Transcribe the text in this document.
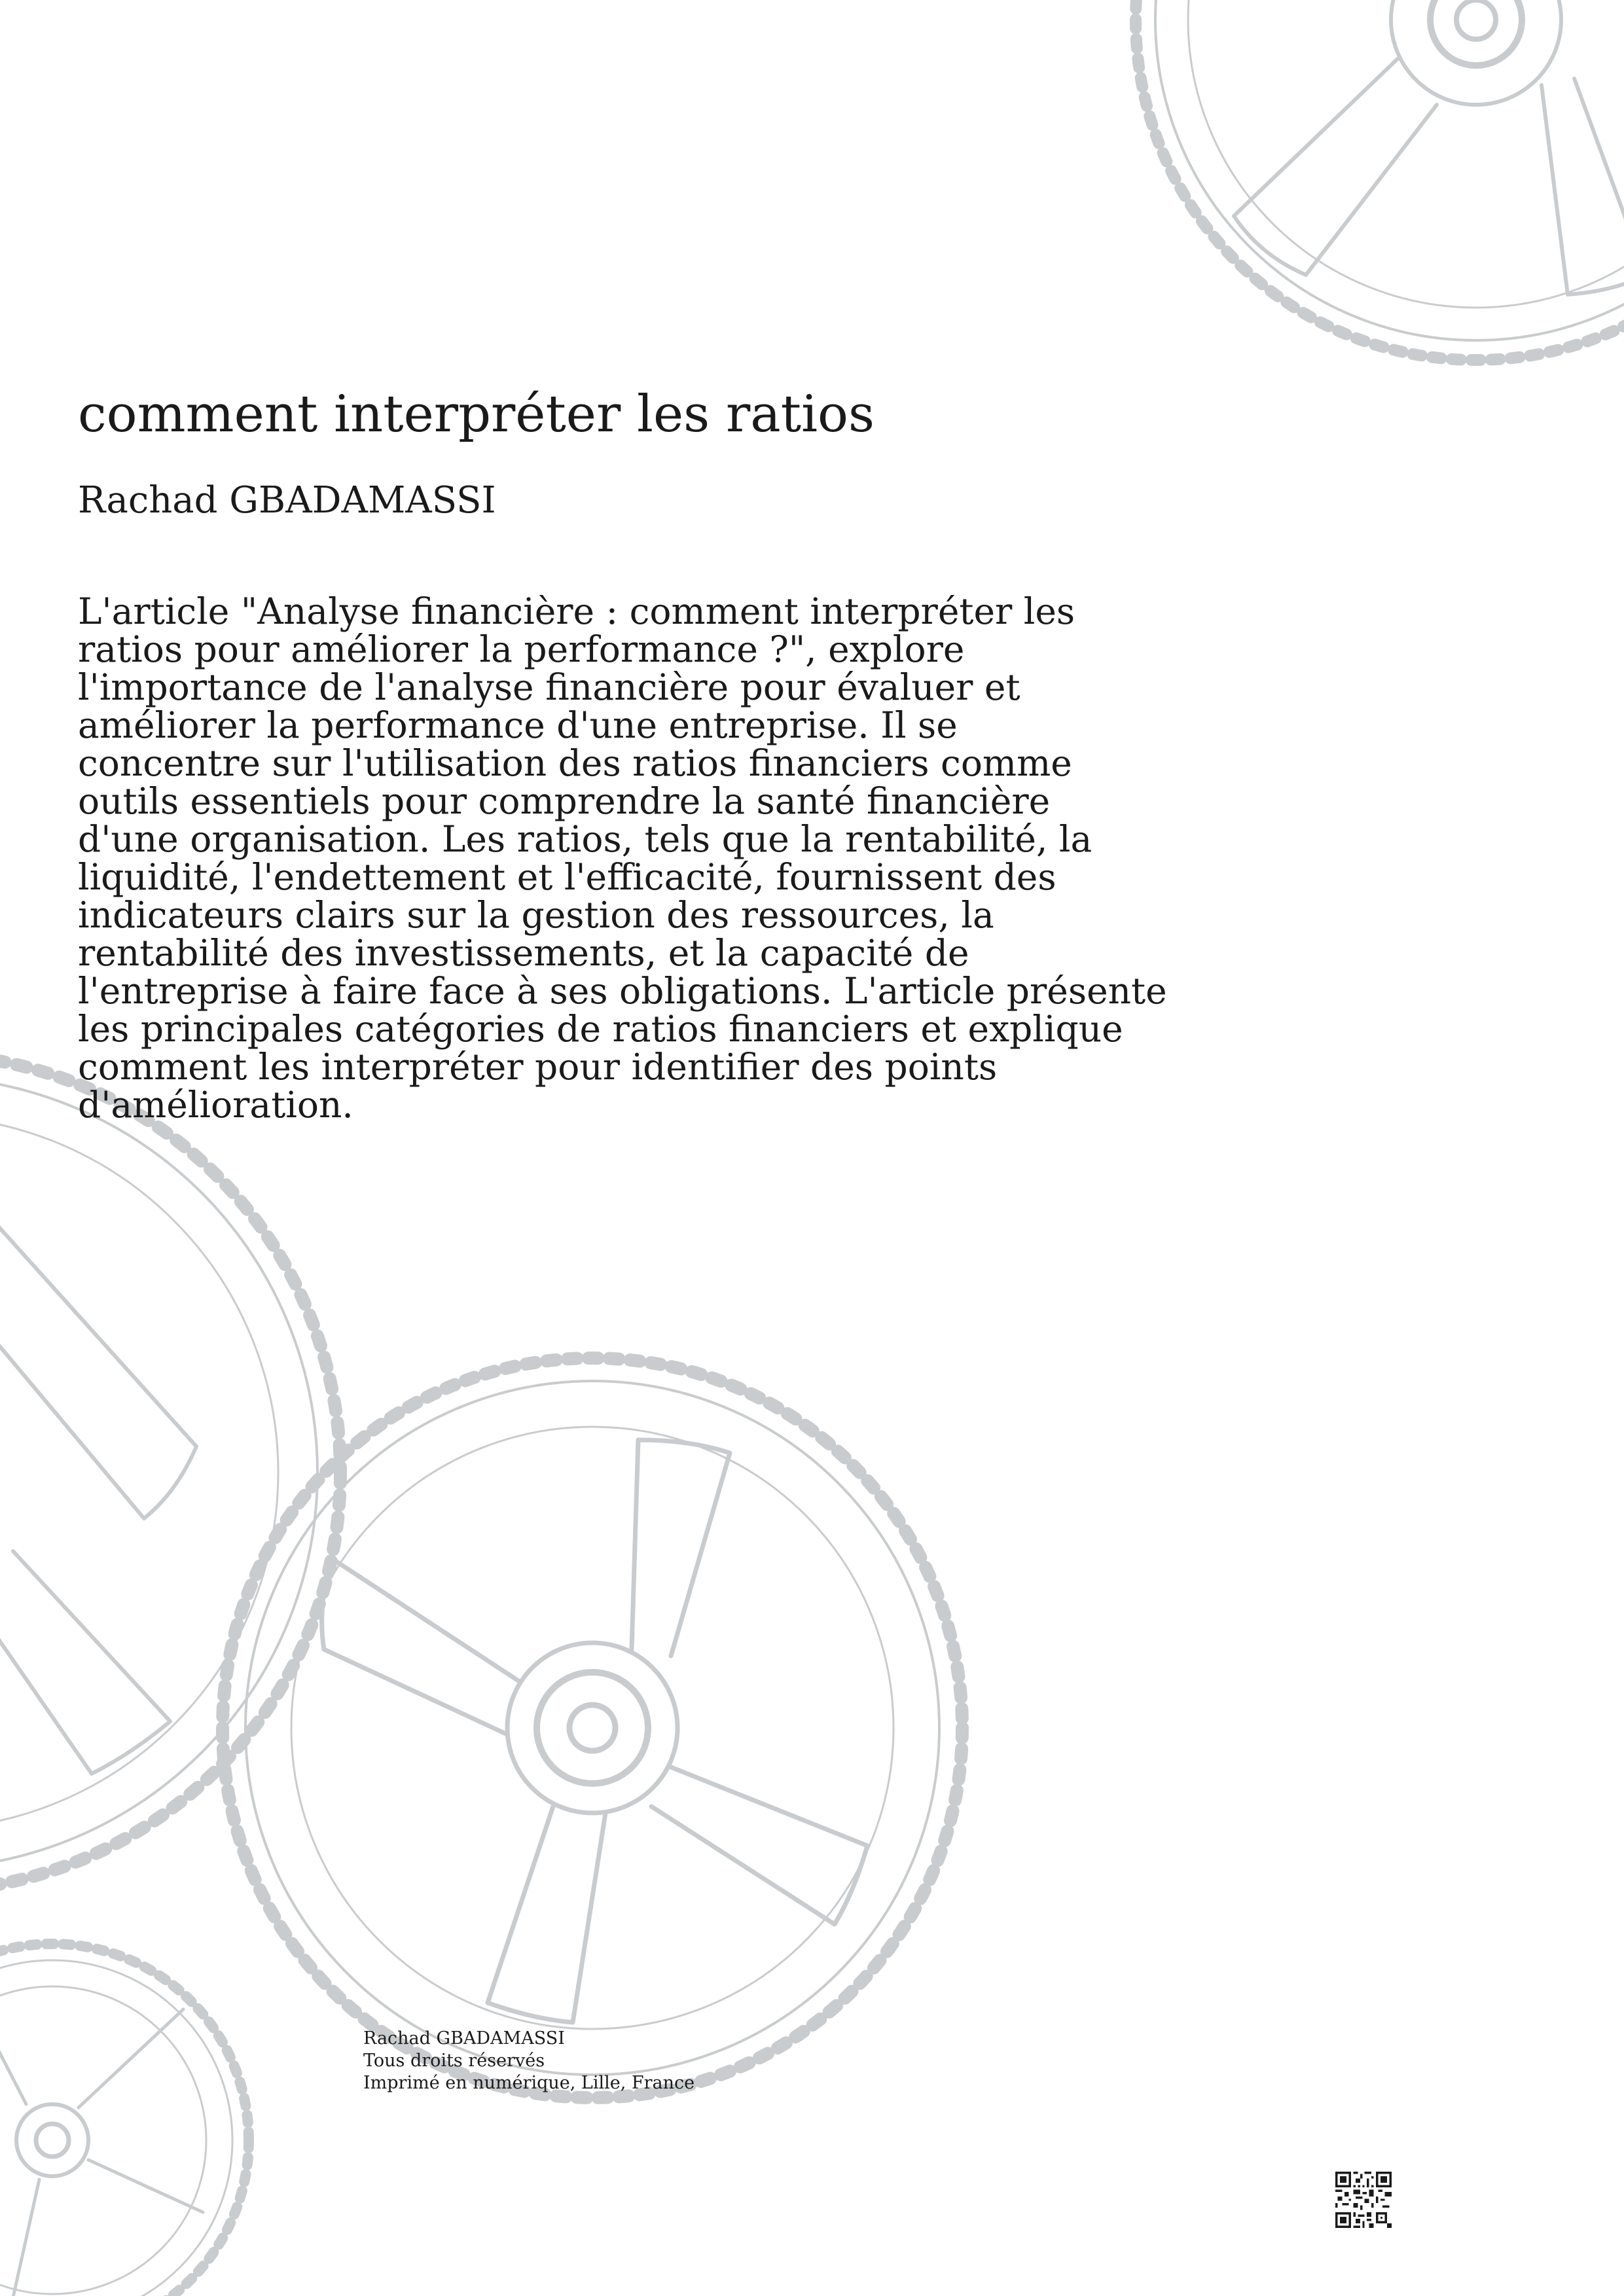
comment interpréter les ratios

Rachad GBADAMASSI

L'article "Analyse financière : comment interpréter les
ratios pour améliorer la performance ?", explore
l'importance de l'analyse financière pour évaluer et
améliorer la performance d'une entreprise. Il se
concentre sur l'utilisation des ratios financiers comme
outils essentiels pour comprendre la santé financière
d'une organisation. Les ratios, tels que la rentabilité, la
liquidité, l'endettement et l'efficacité, fournissent des
indicateurs clairs sur la gestion des ressources, la
rentabilité des investissements, et la capacité de
l'entreprise à faire face à ses obligations. L'article présente
les principales catégories de ratios financiers et explique
comment les interpréter pour identifier des points
d'amélioration.
Rachad GBADAMASSI
Tous droits réservés
Imprimé en numérique, Lille, France
